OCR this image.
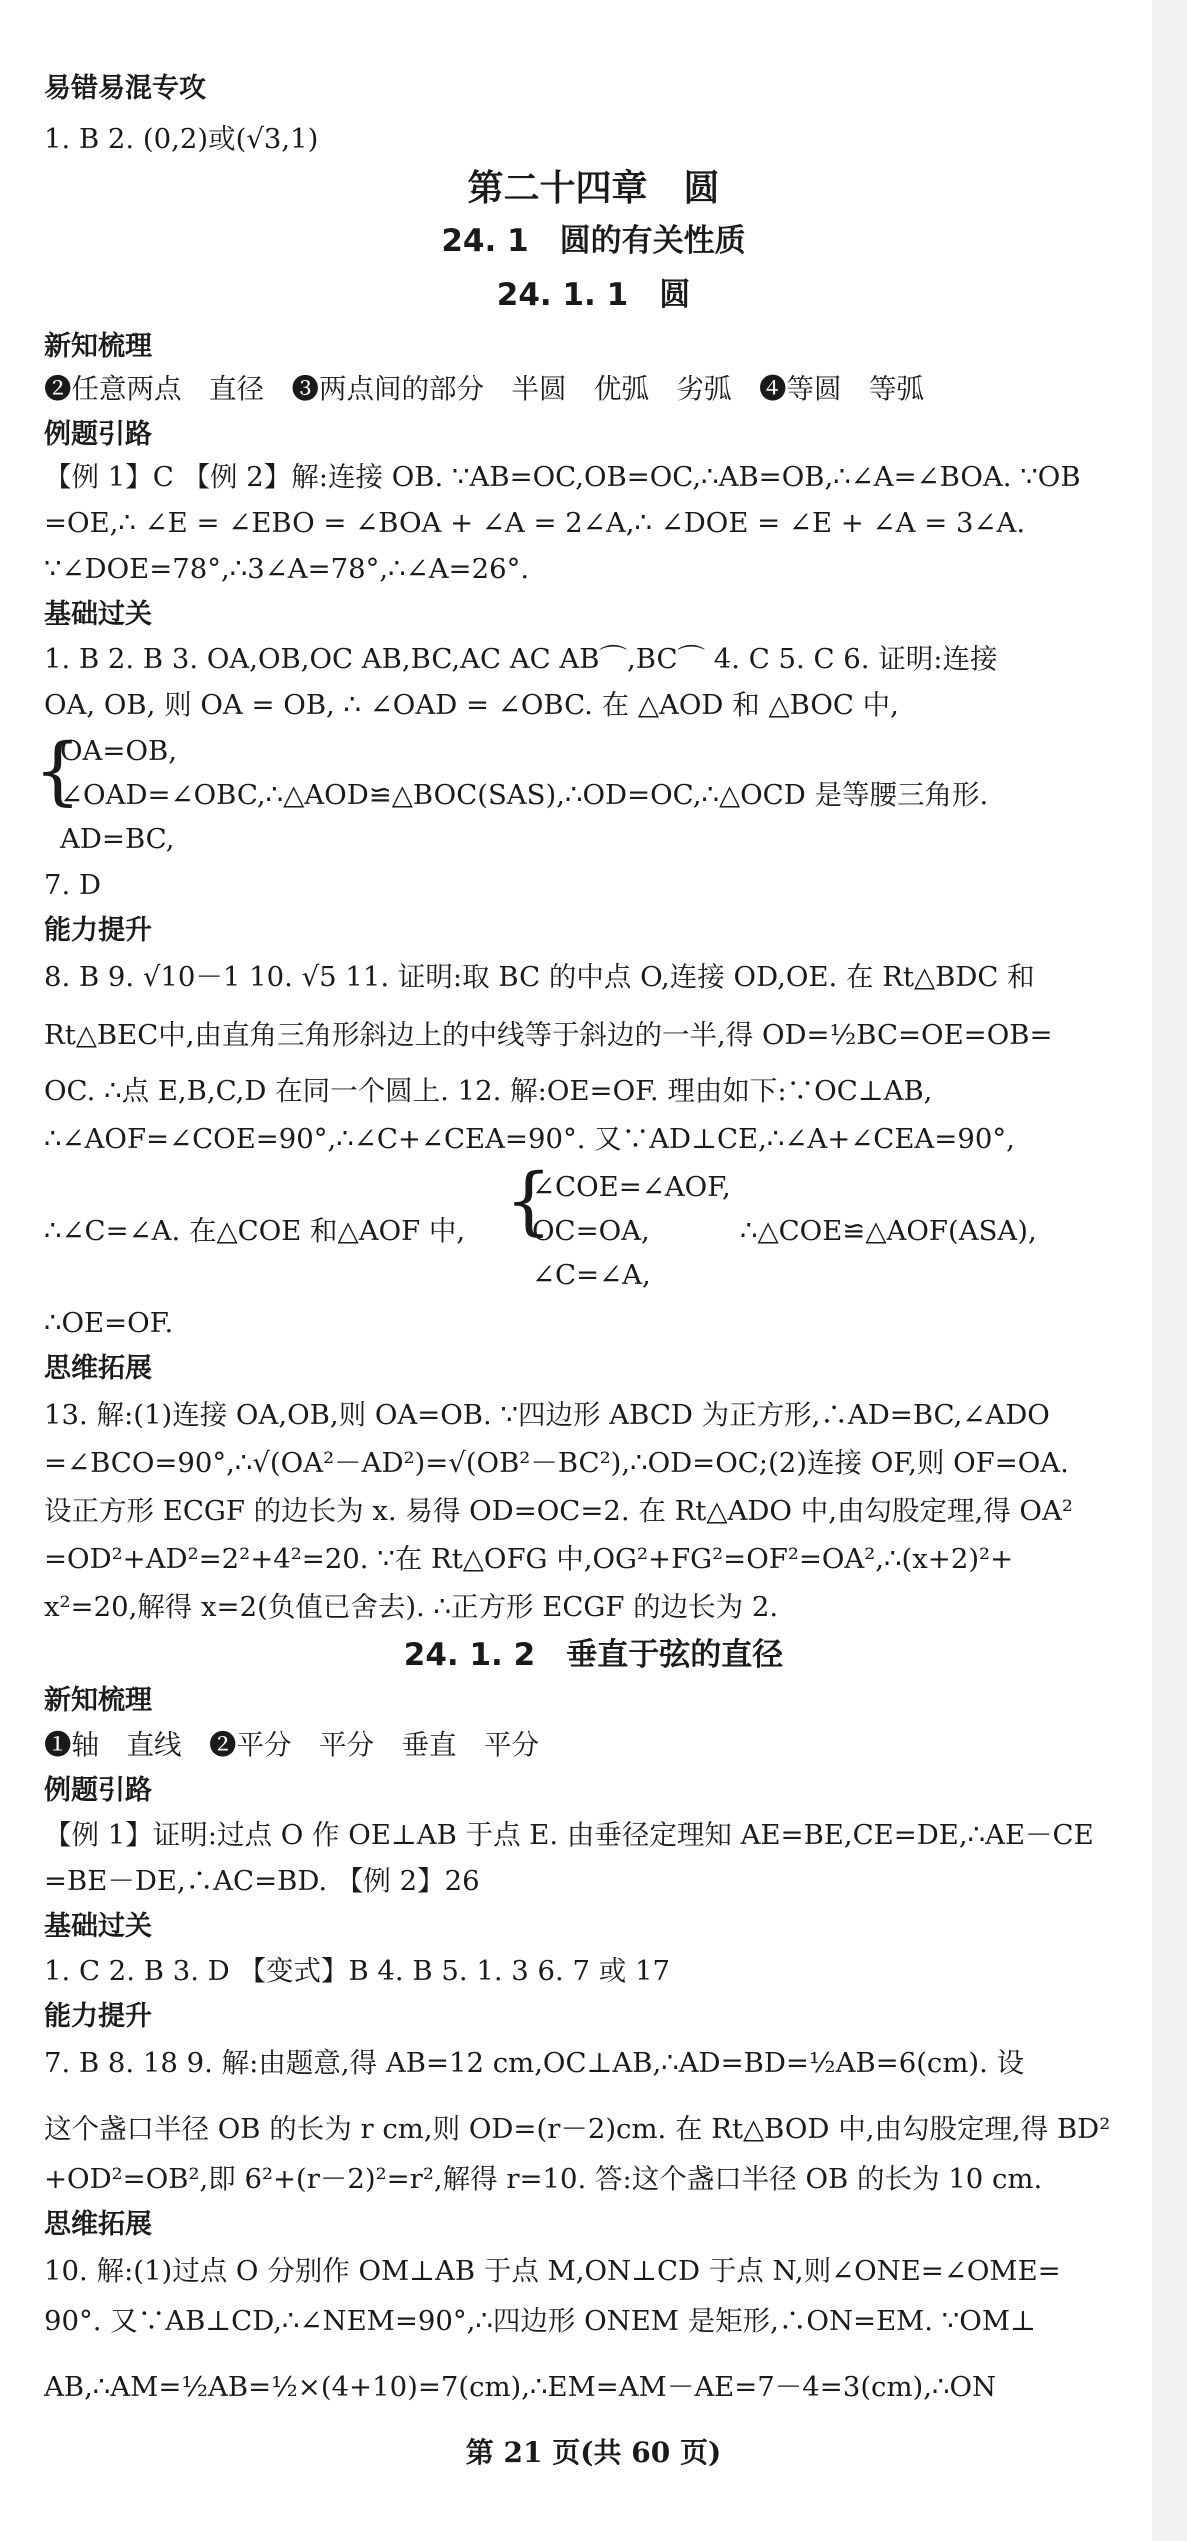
易错易混专攻
1. B 2. (0,2)或(√3,1)
第二十四章　圆
24. 1　圆的有关性质
24. 1. 1　圆
新知梳理
❷任意两点　直径　❸两点间的部分　半圆　优弧　劣弧　❹等圆　等弧
例题引路
【例 1】C 【例 2】解:连接 OB. ∵AB=OC,OB=OC,∴AB=OB,∴∠A=∠BOA. ∵OB
=OE,∴ ∠E = ∠EBO = ∠BOA + ∠A = 2∠A,∴ ∠DOE = ∠E + ∠A = 3∠A.
∵∠DOE=78°,∴3∠A=78°,∴∠A=26°.
基础过关
1. B 2. B 3. OA,OB,OC AB,BC,AC AC AB⌒,BC⌒ 4. C 5. C 6. 证明:连接
OA, OB, 则 OA = OB, ∴ ∠OAD = ∠OBC. 在 △AOD 和 △BOC 中,
{
OA=OB,
∠OAD=∠OBC,∴△AOD≌△BOC(SAS),∴OD=OC,∴△OCD 是等腰三角形.
AD=BC,
7. D
能力提升
8. B 9. √10－1 10. √5 11. 证明:取 BC 的中点 O,连接 OD,OE. 在 Rt△BDC 和
Rt△BEC中,由直角三角形斜边上的中线等于斜边的一半,得 OD=½BC=OE=OB=
OC. ∴点 E,B,C,D 在同一个圆上. 12. 解:OE=OF. 理由如下:∵OC⊥AB,
∴∠AOF=∠COE=90°,∴∠C+∠CEA=90°. 又∵AD⊥CE,∴∠A+∠CEA=90°,
∴∠C=∠A. 在△COE 和△AOF 中, {
∠COE=∠AOF,
OC=OA,
∠C=∠A,
∴△COE≌△AOF(ASA),
∴OE=OF.
思维拓展
13. 解:(1)连接 OA,OB,则 OA=OB. ∵四边形 ABCD 为正方形,∴AD=BC,∠ADO
=∠BCO=90°,∴√(OA²－AD²)=√(OB²－BC²),∴OD=OC;(2)连接 OF,则 OF=OA.
设正方形 ECGF 的边长为 x. 易得 OD=OC=2. 在 Rt△ADO 中,由勾股定理,得 OA²
=OD²+AD²=2²+4²=20. ∵在 Rt△OFG 中,OG²+FG²=OF²=OA²,∴(x+2)²+
x²=20,解得 x=2(负值已舍去). ∴正方形 ECGF 的边长为 2.
24. 1. 2　垂直于弦的直径
新知梳理
❶轴　直线　❷平分　平分　垂直　平分
例题引路
【例 1】证明:过点 O 作 OE⊥AB 于点 E. 由垂径定理知 AE=BE,CE=DE,∴AE－CE
=BE－DE,∴AC=BD. 【例 2】26
基础过关
1. C 2. B 3. D 【变式】B 4. B 5. 1. 3 6. 7 或 17
能力提升
7. B 8. 18 9. 解:由题意,得 AB=12 cm,OC⊥AB,∴AD=BD=½AB=6(cm). 设
这个盏口半径 OB 的长为 r cm,则 OD=(r－2)cm. 在 Rt△BOD 中,由勾股定理,得 BD²
+OD²=OB²,即 6²+(r－2)²=r²,解得 r=10. 答:这个盏口半径 OB 的长为 10 cm.
思维拓展
10. 解:(1)过点 O 分别作 OM⊥AB 于点 M,ON⊥CD 于点 N,则∠ONE=∠OME=
90°. 又∵AB⊥CD,∴∠NEM=90°,∴四边形 ONEM 是矩形,∴ON=EM. ∵OM⊥
AB,∴AM=½AB=½×(4+10)=7(cm),∴EM=AM－AE=7－4=3(cm),∴ON
第 21 页(共 60 页)
